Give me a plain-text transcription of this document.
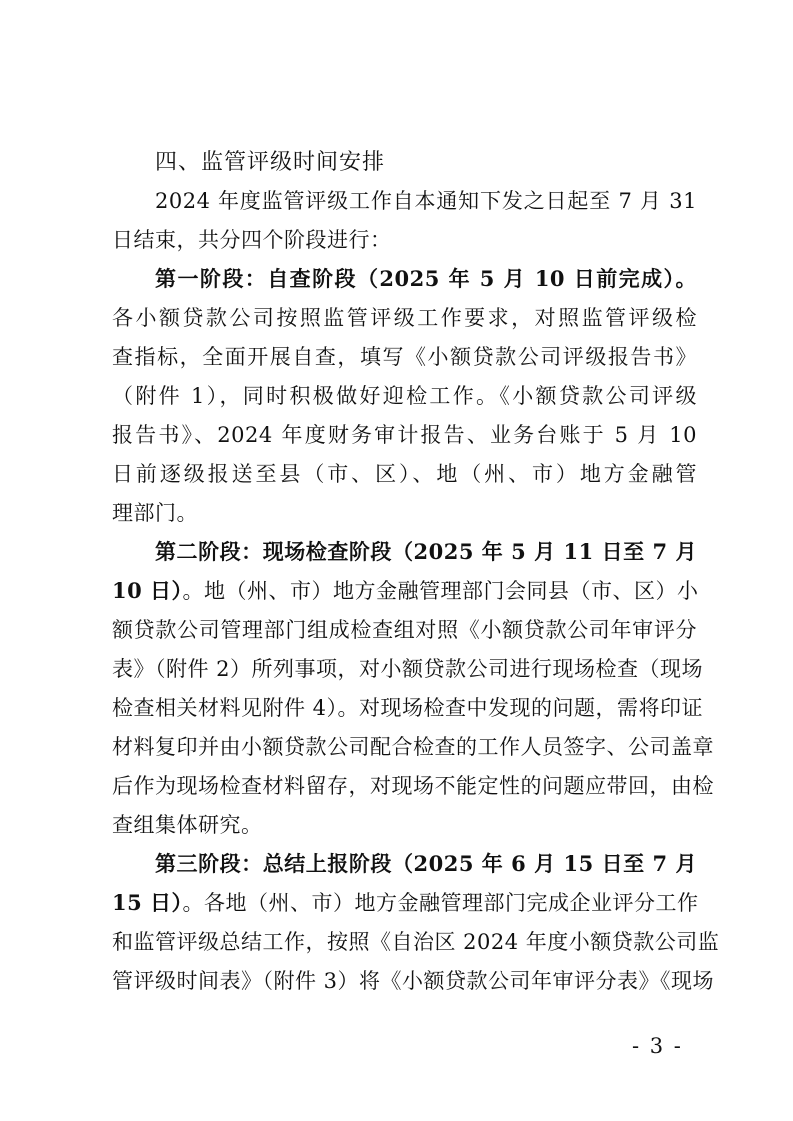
四、监管评级时间安排
2024 年度监管评级工作自本通知下发之日起至 7 月 31
日结束，共分四个阶段进行：
第一阶段：自查阶段（2025 年 5 月 10 日前完成）。
各小额贷款公司按照监管评级工作要求，对照监管评级检
查指标，全面开展自查，填写《小额贷款公司评级报告书》
（附件 1），同时积极做好迎检工作。《小额贷款公司评级
报告书》、2024 年度财务审计报告、业务台账于 5 月 10
日前逐级报送至县（市、区）、地（州、市）地方金融管
理部门。
第二阶段：现场检查阶段（2025 年 5 月 11 日至 7 月
10 日）。地（州、市）地方金融管理部门会同县（市、区）小
额贷款公司管理部门组成检查组对照《小额贷款公司年审评分
表》（附件 2）所列事项，对小额贷款公司进行现场检查（现场
检查相关材料见附件 4）。对现场检查中发现的问题，需将印证
材料复印并由小额贷款公司配合检查的工作人员签字、公司盖章
后作为现场检查材料留存，对现场不能定性的问题应带回，由检
查组集体研究。
第三阶段：总结上报阶段（2025 年 6 月 15 日至 7 月
15 日）。各地（州、市）地方金融管理部门完成企业评分工作
和监管评级总结工作，按照《自治区 2024 年度小额贷款公司监
管评级时间表》（附件 3）将《小额贷款公司年审评分表》《现场
- 3 -
